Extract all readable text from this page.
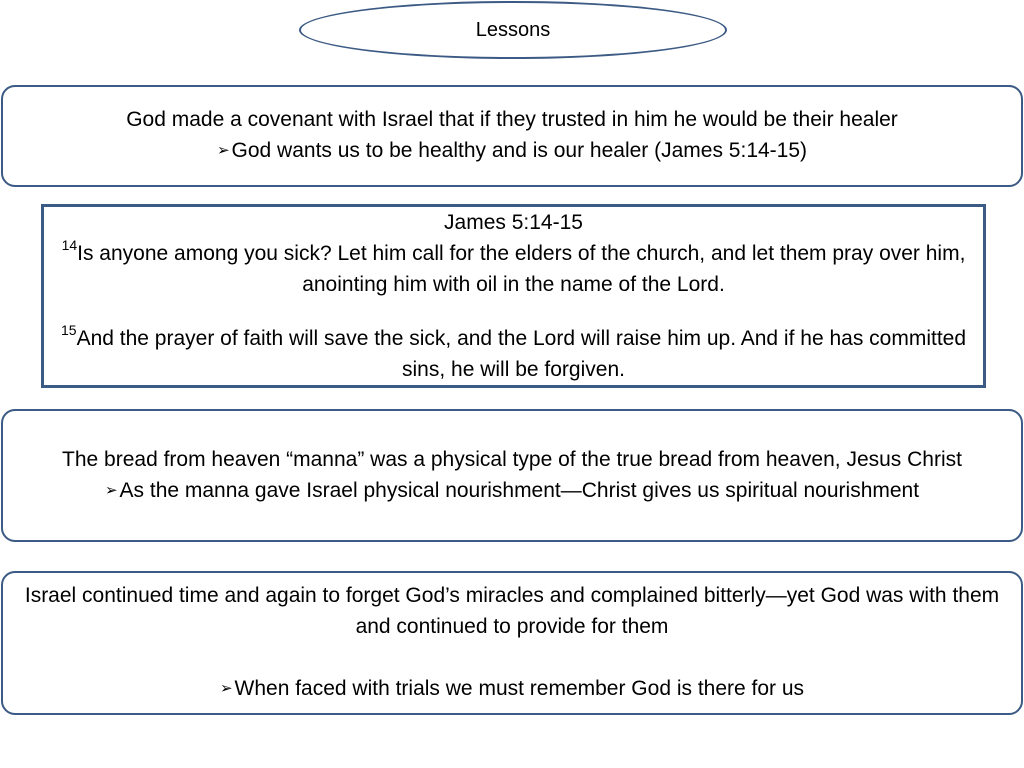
Lessons

God made a covenant with Israel that if they trusted in him he would be their healer

➢ God wants us to be healthy and is our healer (James 5:14-15)

James 5:14-15

$^{14}$Is anyone among you sick? Let him call for the elders of the church, and let them pray over him, anointing him with oil in the name of the Lord.

$^{15}$And the prayer of faith will save the sick, and the Lord will raise him up. And if he has committed sins, he will be forgiven.

The bread from heaven “manna” was a physical type of the true bread from heaven, Jesus Christ

➢ As the manna gave Israel physical nourishment—Christ gives us spiritual nourishment

Israel continued time and again to forget God’s miracles and complained bitterly—yet God was with them and continued to provide for them

➢ When faced with trials we must remember God is there for us
